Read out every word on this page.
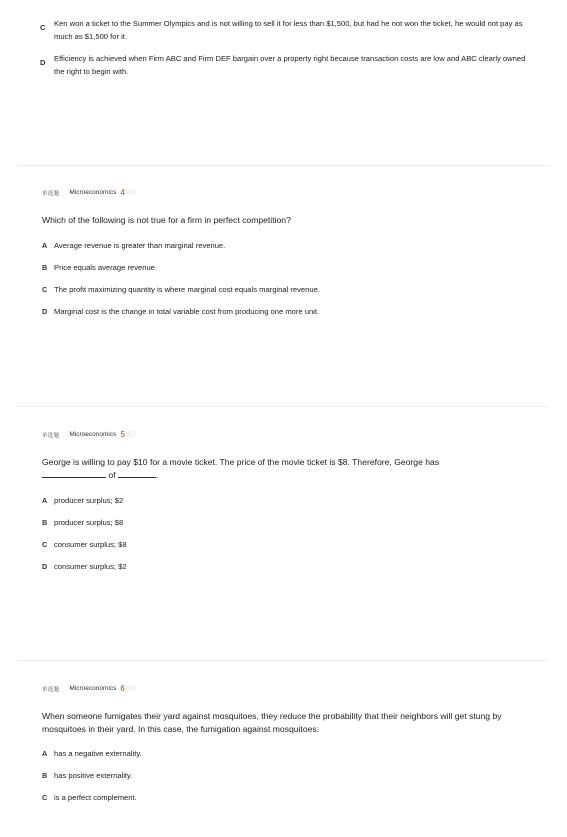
C	Ken won a ticket to the Summer Olympics and is not willing to sell it for less than $1,500, but had he not won the ticket, he would not pay as much as $1,500 for it.
D	Efficiency is achieved when Firm ABC and Firm DEF bargain over a property right because transaction costs are low and ABC clearly owned the right to begin with.
单选题 Microeconomics 4 /40
Which of the following is not true for a firm in perfect competition?
A Average revenue is greater than marginal revenue.
B Price equals average revenue.
C The profit maximizing quantity is where marginal cost equals marginal revenue.
D Marginal cost is the change in total variable cost from producing one more unit.
单选题 Microeconomics 5 /40
George is willing to pay $10 for a movie ticket. The price of the movie ticket is $8. Therefore, George has
of	.
A producer surplus; $2
B producer surplus; $8
C consumer surplus; $8
D consumer surplus; $2
单选题 Microeconomics 6 /40
When someone fumigates their yard against mosquitoes, they reduce the probability that their neighbors will get stung by mosquitoes in their yard. In this case, the fumigation against mosquitoes:
A has a negative externality.
B has positive externality.
C is a perfect complement.
